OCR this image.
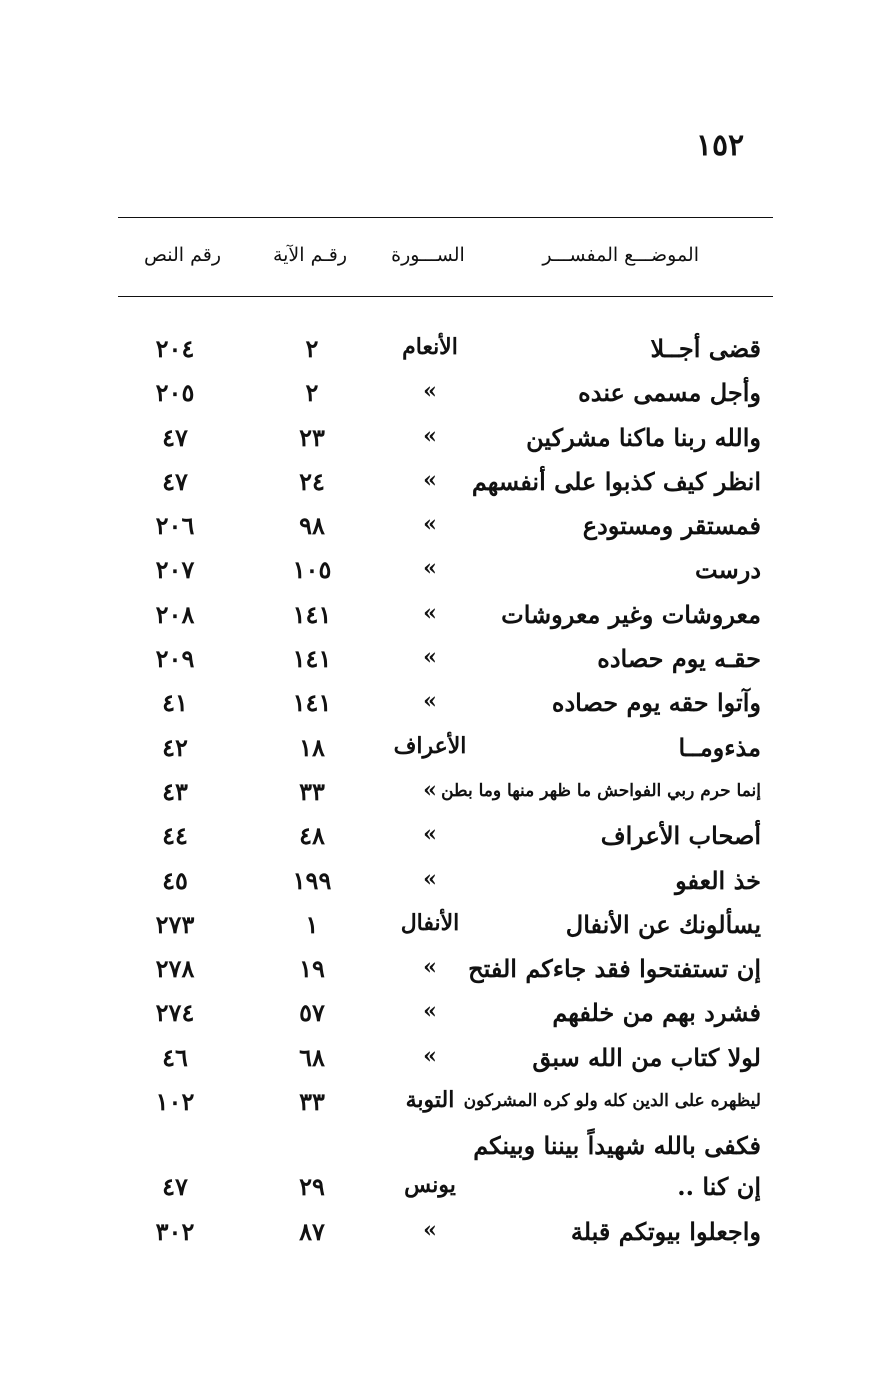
١٥٢
الموضـــع المفســـر
الســـورة
رقـم الآية
رقم النص
قضى أجــلا
الأنعام
٢
٢٠٤
وأجل مسمى عنده
»
٢
٢٠٥
والله ربنا ماكنا مشركين
»
٢٣
٤٧
انظر كيف كذبوا على أنفسهم
»
٢٤
٤٧
فمستقر ومستودع
»
٩٨
٢٠٦
درست
»
١٠٥
٢٠٧
معروشات وغير معروشات
»
١٤١
٢٠٨
حقـه يوم حصاده
»
١٤١
٢٠٩
وآتوا حقه يوم حصاده
»
١٤١
٤١
مذءومــا
الأعراف
١٨
٤٢
إنما حرم ربي الفواحش ما ظهر منها وما بطن
»
٣٣
٤٣
أصحاب الأعراف
»
٤٨
٤٤
خذ العفو
»
١٩٩
٤٥
يسألونك عن الأنفال
الأنفال
١
٢٧٣
إن تستفتحوا فقد جاءكم الفتح
»
١٩
٢٧٨
فشرد بهم من خلفهم
»
٥٧
٢٧٤
لولا كتاب من الله سبق
»
٦٨
٤٦
ليظهره على الدين كله ولو كره المشركون
التوبة
٣٣
١٠٢
فكفى بالله شهيداً بيننا وبينكم
إن كنا ..
يونس
٢٩
٤٧
واجعلوا بيوتكم قبلة
»
٨٧
٣٠٢
